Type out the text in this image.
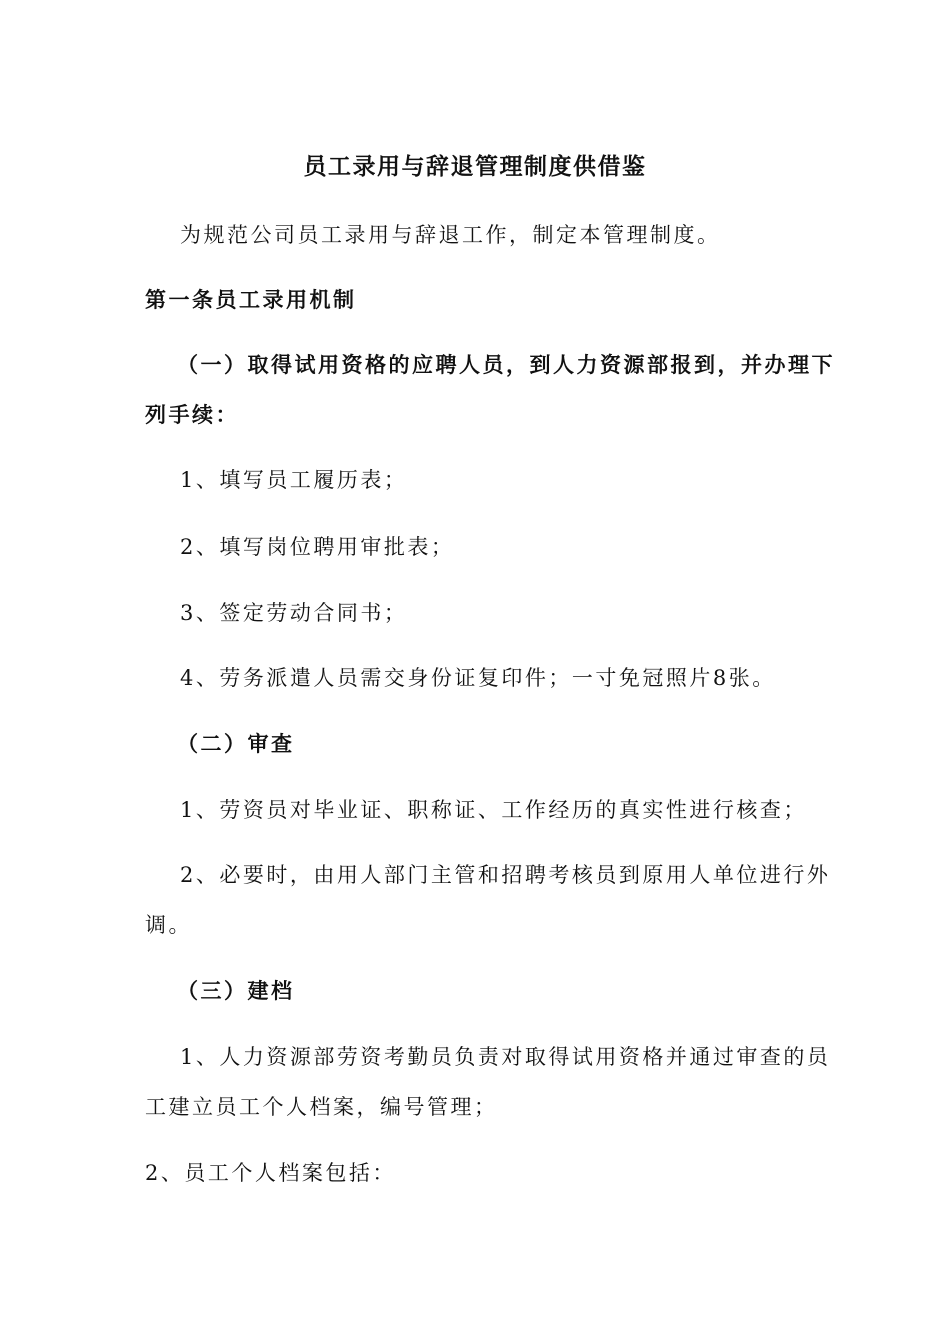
员工录用与辞退管理制度供借鉴
为规范公司员工录用与辞退工作，制定本管理制度。
第一条员工录用机制
（一）取得试用资格的应聘人员，到人力资源部报到，并办理下
列手续：
1、填写员工履历表；
2、填写岗位聘用审批表；
3、签定劳动合同书；
4、劳务派遣人员需交身份证复印件；一寸免冠照片8张。
（二）审查
1、劳资员对毕业证、职称证、工作经历的真实性进行核查；
2、必要时，由用人部门主管和招聘考核员到原用人单位进行外
调。
（三）建档
1、人力资源部劳资考勤员负责对取得试用资格并通过审查的员
工建立员工个人档案，编号管理；
2、员工个人档案包括：
